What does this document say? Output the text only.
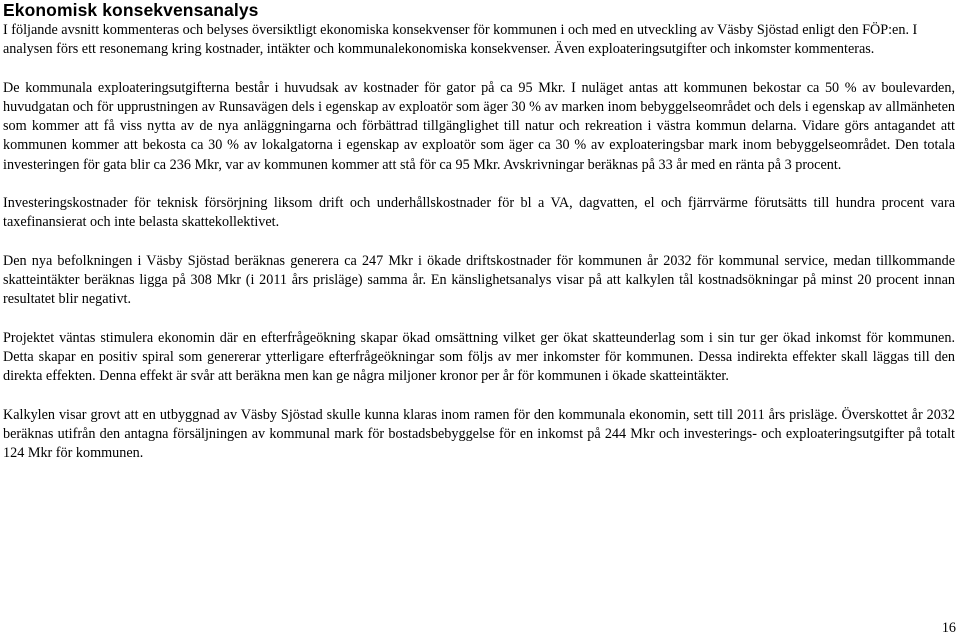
Ekonomisk konsekvensanalys

I följande avsnitt kommenteras och belyses översiktligt ekonomiska konsekvenser för kommunen i och med en utveckling av Väsby Sjöstad enligt den FÖP:en. I analysen förs ett resonemang kring kostnader, intäkter och kommunalekonomiska konsekvenser. Även exploateringsutgifter och inkomster kommenteras.

De kommunala exploateringsutgifterna består i huvudsak av kostnader för gator på ca 95 Mkr. I nuläget antas att kommunen bekostar ca 50 % av boulevarden, huvudgatan och för upprustningen av Runsavägen dels i egenskap av exploatör som äger 30 % av marken inom bebyggelseområdet och dels i egenskap av allmänheten som kommer att få viss nytta av de nya anläggningarna och förbättrad tillgänglighet till natur och rekreation i västra kommun delarna. Vidare görs antagandet att kommunen kommer att bekosta ca 30 % av lokalgatorna i egenskap av exploatör som äger ca 30 % av exploateringsbar mark inom bebyggelseområdet. Den totala investeringen för gata blir ca 236 Mkr, var av kommunen kommer att stå för ca 95 Mkr. Avskrivningar beräknas på 33 år med en ränta på 3 procent.

Investeringskostnader för teknisk försörjning liksom drift och underhållskostnader för bl a VA, dagvatten, el och fjärrvärme förutsätts till hundra procent vara taxefinansierat och inte belasta skattekollektivet.

Den nya befolkningen i Väsby Sjöstad beräknas generera ca 247 Mkr i ökade driftskostnader för kommunen år 2032 för kommunal service, medan tillkommande skatteintäkter beräknas ligga på 308 Mkr (i 2011 års prisläge) samma år. En känslighetsanalys visar på att kalkylen tål kostnadsökningar på minst 20 procent innan resultatet blir negativt.

Projektet väntas stimulera ekonomin där en efterfrågeökning skapar ökad omsättning vilket ger ökat skatteunderlag som i sin tur ger ökad inkomst för kommunen. Detta skapar en positiv spiral som genererar ytterligare efterfrågeökningar som följs av mer inkomster för kommunen. Dessa indirekta effekter skall läggas till den direkta effekten. Denna effekt är svår att beräkna men kan ge några miljoner kronor per år för kommunen i ökade skatteintäkter.

Kalkylen visar grovt att en utbyggnad av Väsby Sjöstad skulle kunna klaras inom ramen för den kommunala ekonomin, sett till 2011 års prisläge. Överskottet år 2032 beräknas utifrån den antagna försäljningen av kommunal mark för bostadsbebyggelse för en inkomst på 244 Mkr och investerings- och exploateringsutgifter på totalt 124 Mkr för kommunen.

16
